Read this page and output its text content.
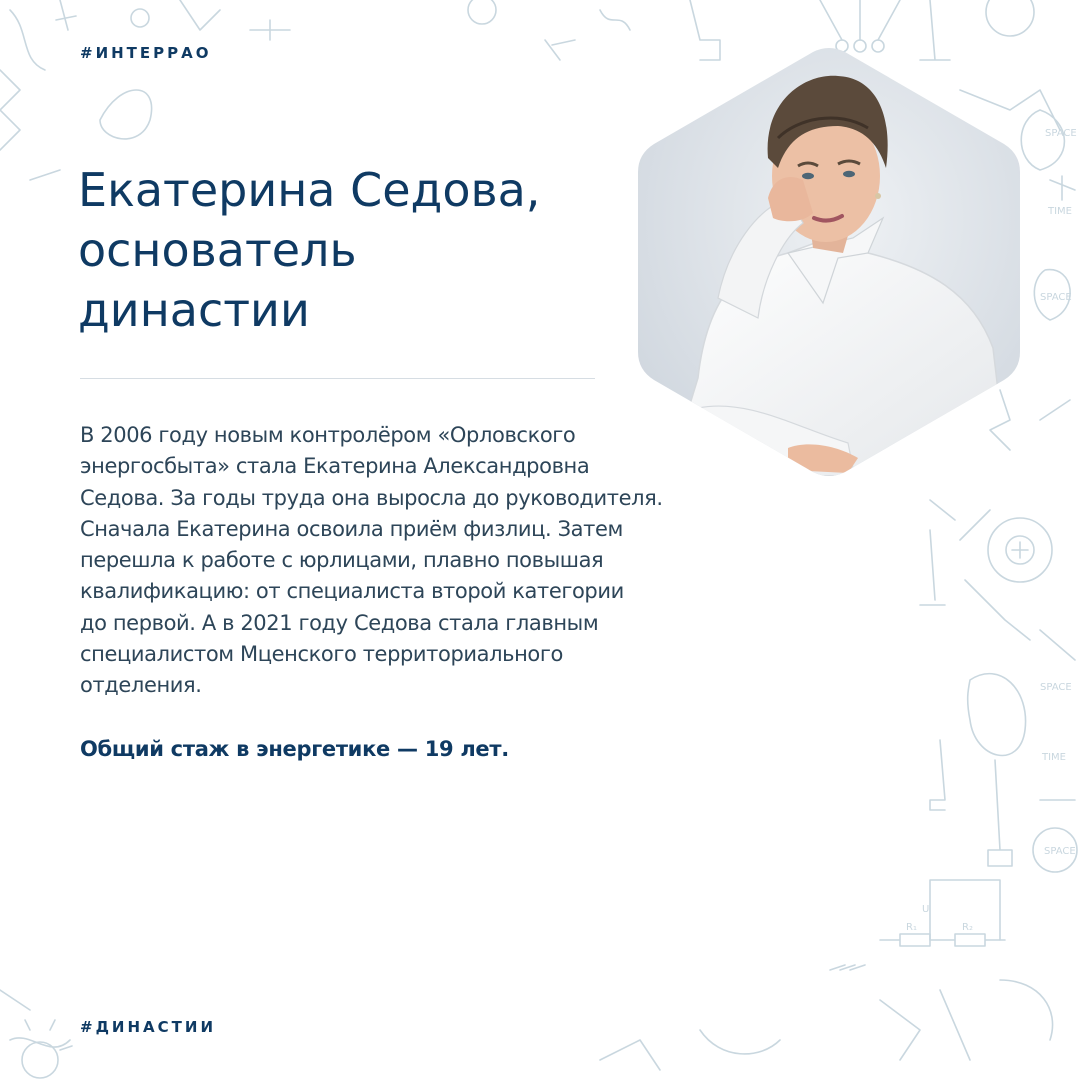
SPACE
TIME
SPACE
SPACE
TIME
SPACE
U
R₁	R₂
#ИНТЕРРАО
Екатерина Седова,
основатель
династии

В 2006 году новым контролёром «Орловского
энергосбыта» стала Екатерина Александровна
Седова. За годы труда она выросла до руководителя.
Сначала Екатерина освоила приём физлиц. Затем
перешла к работе с юрлицами, плавно повышая
квалификацию: от специалиста второй категории
до первой. А в 2021 году Седова стала главным
специалистом Мценского территориального
отделения.

Общий стаж в энергетике — 19 лет.

#ДИНАСТИИ
